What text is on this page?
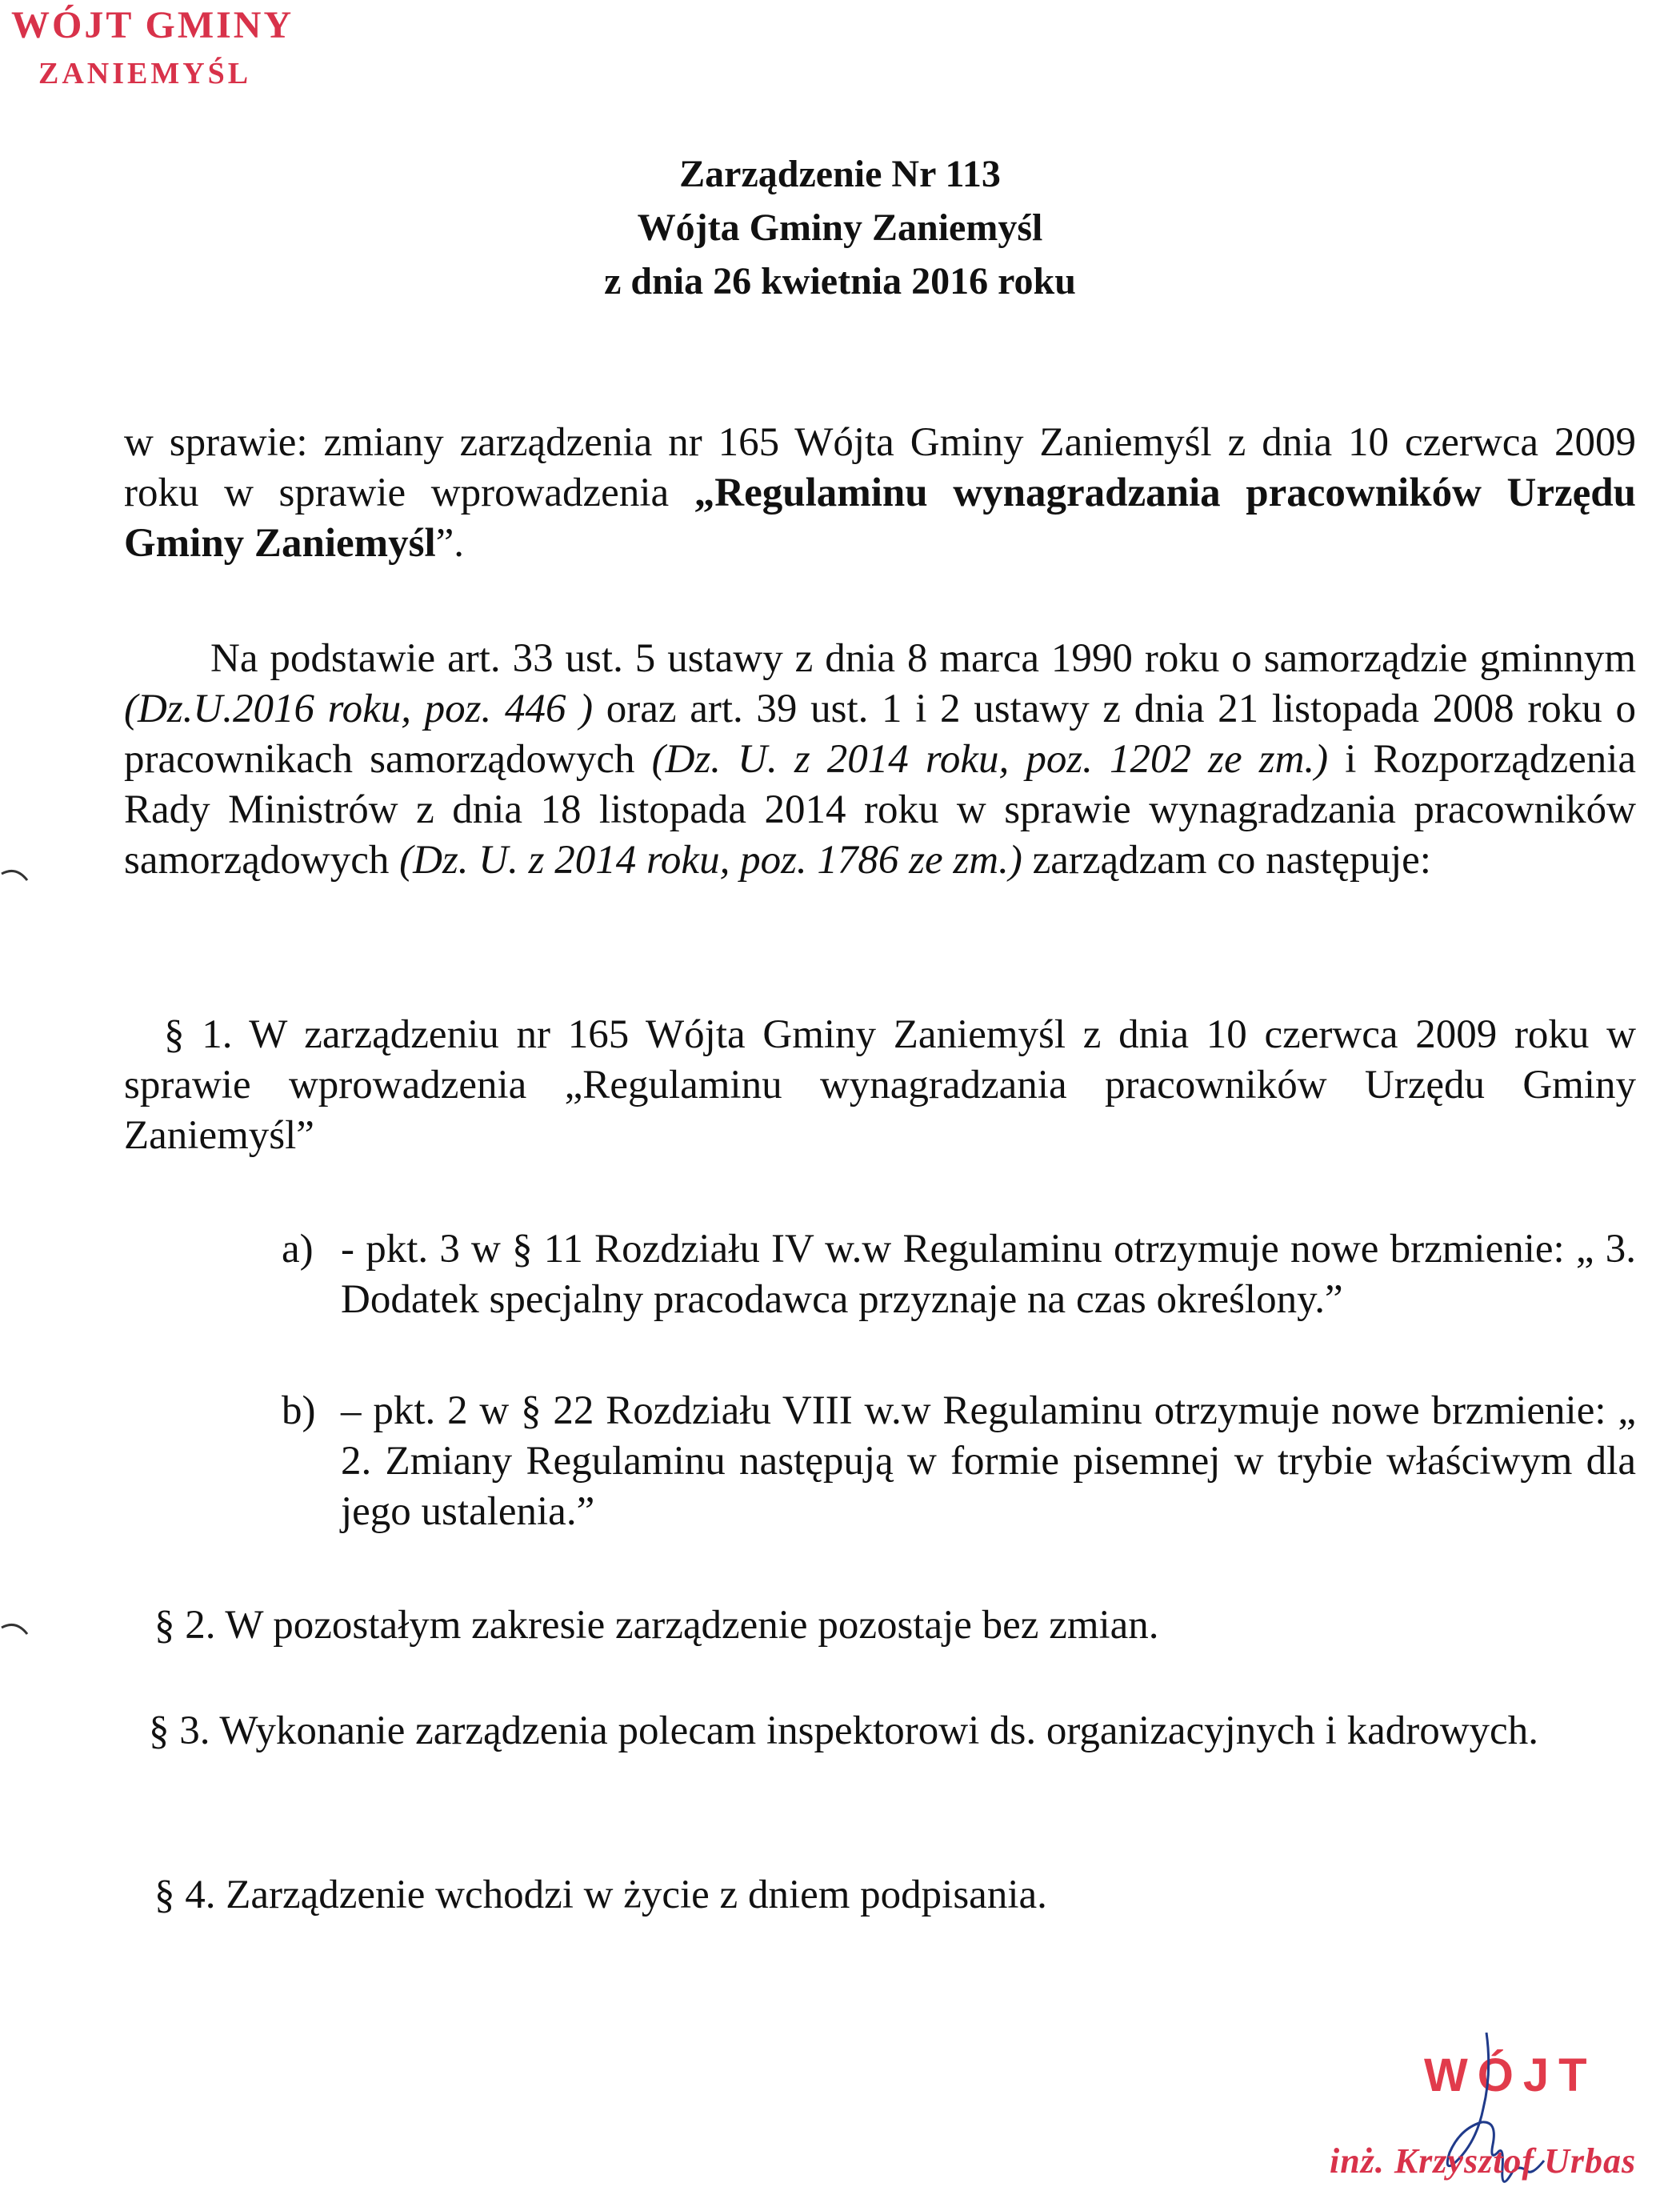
WÓJT GMINY
ZANIEMYŚL
Zarządzenie Nr 113
Wójta Gminy Zaniemyśl
z dnia 26 kwietnia 2016 roku
w sprawie: zmiany zarządzenia nr 165 Wójta Gminy Zaniemyśl z dnia 10 czerwca 2009 roku w sprawie wprowadzenia „Regulaminu wynagradzania pracowników Urzędu Gminy Zaniemyśl”.
Na podstawie art. 33 ust. 5 ustawy z dnia 8 marca 1990 roku o samorządzie gminnym (Dz.U.2016 roku, poz. 446 ) oraz art. 39 ust. 1 i 2 ustawy z dnia 21 listopada 2008 roku o pracownikach samorządowych (Dz. U. z 2014 roku, poz. 1202 ze zm.) i Rozporządzenia Rady Ministrów z dnia 18 listopada 2014 roku w sprawie wynagradzania pracowników samorządowych (Dz. U. z 2014 roku, poz. 1786 ze zm.) zarządzam co następuje:
§ 1. W zarządzeniu nr 165 Wójta Gminy Zaniemyśl z dnia 10 czerwca 2009 roku w sprawie wprowadzenia „Regulaminu wynagradzania pracowników Urzędu Gminy Zaniemyśl”
a) - pkt. 3 w § 11 Rozdziału IV w.w Regulaminu otrzymuje nowe brzmienie: „ 3. Dodatek specjalny pracodawca przyznaje na czas określony.”
b) – pkt. 2 w § 22 Rozdziału VIII w.w Regulaminu otrzymuje nowe brzmienie: „ 2. Zmiany Regulaminu następują w formie pisemnej w trybie właściwym dla jego ustalenia.”
§ 2. W pozostałym zakresie zarządzenie pozostaje bez zmian.
§ 3. Wykonanie zarządzenia polecam inspektorowi ds. organizacyjnych i kadrowych.
§ 4. Zarządzenie wchodzi w życie z dniem podpisania.
WÓJT
inż. Krzysztof Urbas
